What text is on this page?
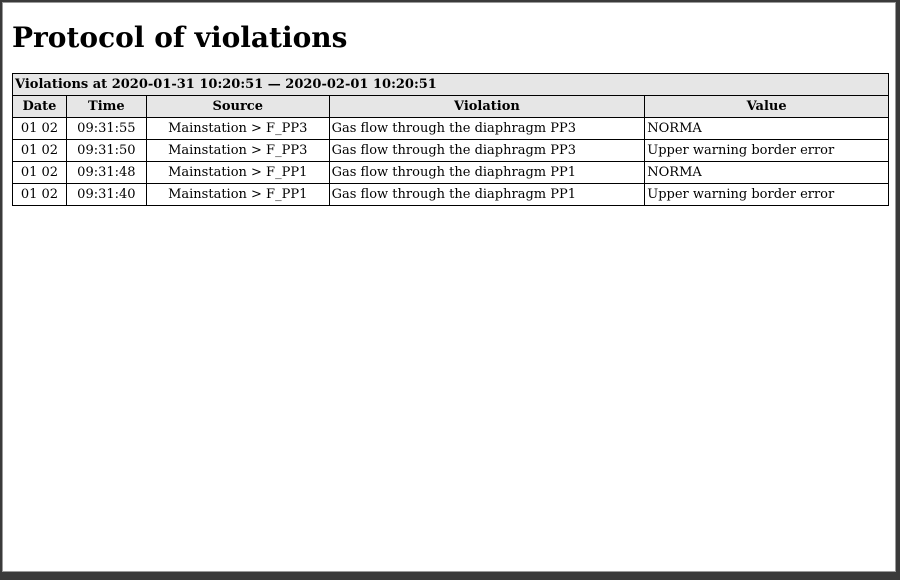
Protocol of violations
Violations at 2020-01-31 10:20:51 — 2020-02-01 10:20:51				
Date	Time	Source	Violation	Value
01 02	09:31:55	Mainstation > F_PP3	Gas flow through the diaphragm PP3	NORMA
01 02	09:31:50	Mainstation > F_PP3	Gas flow through the diaphragm PP3	Upper warning border error
01 02	09:31:48	Mainstation > F_PP1	Gas flow through the diaphragm PP1	NORMA
01 02	09:31:40	Mainstation > F_PP1	Gas flow through the diaphragm PP1	Upper warning border error
